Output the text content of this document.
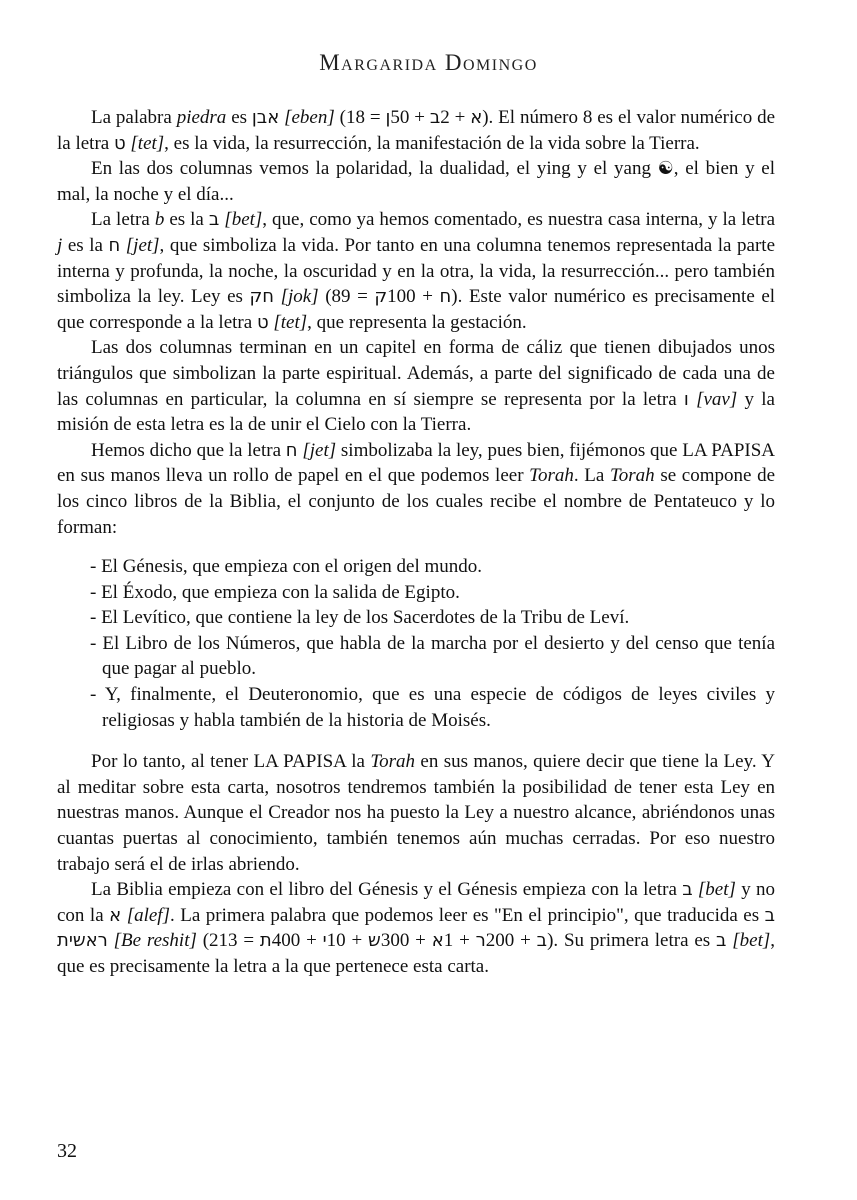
Margarida Domingo

La palabra piedra es אבן [eben] (1	א + 2ב + 50ן = 8). El número 8 es el valor numérico de la letra ט [tet], es la vida, la resurrección, la manifestación de la vida sobre la Tierra.

En las dos columnas vemos la polaridad, la dualidad, el ying y el yang ☯, el bien y el mal, la noche y el día...

La letra b es la ב [bet], que, como ya hemos comentado, es nuestra casa interna, y la letra j es la ח [jet], que simboliza la vida. Por tanto en una columna tenemos representada la parte interna y profunda, la noche, la oscuridad y en la otra, la vida, la resurrección... pero también simboliza la ley. Ley es חק [jok] (8	ח + 100ק = 9). Este valor numérico es precisamente el que corresponde a la letra ט [tet], que representa la gestación.

Las dos columnas terminan en un capitel en forma de cáliz que tienen dibujados unos triángulos que simbolizan la parte espiritual. Además, a parte del significado de cada una de las columnas en particular, la columna en sí siempre se representa por la letra ו [vav] y la misión de esta letra es la de unir el Cielo con la Tierra.

Hemos dicho que la letra ח [jet] simbolizaba la ley, pues bien, fijémonos que LA PAPISA en sus manos lleva un rollo de papel en el que podemos leer Torah. La Torah se compone de los cinco libros de la Biblia, el conjunto de los cuales recibe el nombre de Pentateuco y lo forman:

- El Génesis, que empieza con el origen del mundo.
- El Éxodo, que empieza con la salida de Egipto.
- El Levítico, que contiene la ley de los Sacerdotes de la Tribu de Leví.
- El Libro de los Números, que habla de la marcha por el desierto y del censo que tenía que pagar al pueblo.
- Y, finalmente, el Deuteronomio, que es una especie de códigos de leyes civiles y religiosas y habla también de la historia de Moisés.

Por lo tanto, al tener LA PAPISA la Torah en sus manos, quiere decir que tiene la Ley. Y al meditar sobre esta carta, nosotros tendremos también la posibilidad de tener esta Ley en nuestras manos. Aunque el Creador nos ha puesto la Ley a nuestro alcance, abriéndonos unas cuantas puertas al conocimiento, también tenemos aún muchas cerradas. Por eso nuestro trabajo será el de irlas abriendo.

La Biblia empieza con el libro del Génesis y el Génesis empieza con la letra ב [bet] y no con la א [alef]. La primera palabra que podemos leer es "En el principio", que traducida es ב ראשית [Be reshit] (2	ב + 200ר + 1א + 300ש + 10י + 400ת = 13). Su primera letra es ב [bet], que es precisamente la letra a la que pertenece esta carta.

32
